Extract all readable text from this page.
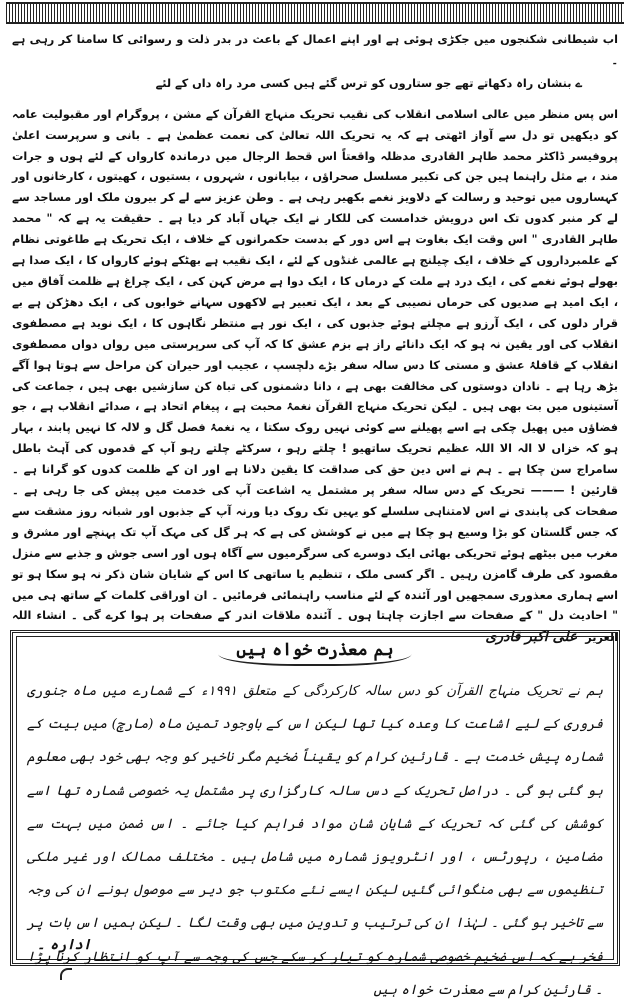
اب شیطانی شکنجوں میں جکڑی ہوئی ہے اور اپنے اعمال کے باعث در بدر ذلت و رسوائی کا سامنا کر رہی ہے ۔

ے بنشان راہ دکھاتے تھے جو ستاروں کو ترس گئے ہیں کسی مرد راہ داں کے لئے

اس پس منظر میں عالی اسلامی انقلاب کی نقیب تحریک منہاج القرآن کے مشن ، پروگرام اور مقبولیت عامہ کو دیکھیں تو دل سے آواز اٹھتی ہے کہ یہ تحریک اللہ تعالیٰ کی نعمت عظمیٰ ہے ۔ بانی و سرپرست اعلیٰ پروفیسر ڈاکٹر محمد طاہر القادری مدظلہ واقعتاً اس قحط الرجال میں درماندہ کارواں کے لئے ہوں و جرات مند ، بے مثل راہنما ہیں جن کی تکبیر مسلسل صحراؤں ، بیابانوں ، شہروں ، بستیوں ، کھیتوں ، کارخانوں اور کہساروں میں توحید و رسالت کے دلاویز نغمے بکھیر رہی ہے ۔ وطن عزیز سے لے کر بیرون ملک اور مساجد سے لے کر منبر کدوں تک اس درویش خدامست کی للکار نے ایک جہاں آباد کر دیا ہے ۔ حقیقت یہ ہے کہ " محمد طاہر القادری " اس وقت ایک بغاوت ہے اس دور کے بدست حکمرانوں کے خلاف ، ایک تحریک ہے طاغوتی نظام کے علمبرداروں کے خلاف ، ایک چیلنج ہے عالمی غنڈوں کے لئے ، ایک نقیب ہے بھٹکے ہوئے کارواں کا ، ایک صدا ہے بھولے ہوئے نغمے کی ، ایک درد ہے ملت کے درماں کا ، ایک دوا ہے مرض کہن کی ، ایک چراغ ہے ظلمت آفاق میں ، ایک امید ہے صدیوں کی حرماں نصیبی کے بعد ، ایک تعبیر ہے لاکھوں سہانے خوابوں کی ، ایک دھڑکن ہے بے قرار دلوں کی ، ایک آرزو ہے مچلتے ہوئے جذبوں کی ، ایک نور ہے منتظر نگاہوں کا ، ایک نوید ہے مصطفوی انقلاب کی اور یقین نہ ہو کہ ایک دانائے راز ہے بزم عشق کا کہ آپ کی سرپرستی میں رواں دواں مصطفوی انقلاب کے قافلۂ عشق و مستی کا دس سالہ سفر بڑے دلچسپ ، عجیب اور حیران کن مراحل سے ہوتا ہوا آگے بڑھ رہا ہے ۔ نادان دوستوں کی مخالفت بھی ہے ، دانا دشمنوں کی تباہ کن سازشیں بھی ہیں ، جماعت کی آستینوں میں بت بھی ہیں ۔ لیکن تحریک منہاج القرآن نغمۂ محبت ہے ، پیغام اتحاد ہے ، صدائے انقلاب ہے ، جو فضاؤں میں پھیل چکی ہے اسے پھیلنے سے کوئی نہیں روک سکتا ، یہ نغمۂ فصل گل و لالہ کا نہیں پابند ، بہار ہو کہ خزاں لا الہ الا اللہ عظیم تحریک ساتھیو ! چلتے رہو ، سرکٹے چلتے رہو آپ کے قدموں کی آہٹ باطل سامراج سن چکا ہے ۔ ہم نے اس دین حق کی صداقت کا یقین دلانا ہے اور ان کے ظلمت کدوں کو گرانا ہے ۔ قارئین ! ——— تحریک کے دس سالہ سفر پر مشتمل یہ اشاعت آپ کی خدمت میں پیش کی جا رہی ہے ۔ صفحات کی پابندی نے اس لامتناہی سلسلے کو یہیں تک روک دیا ورنہ آپ کے جذبوں اور شبانہ روز مشقت سے کہ جس گلستان کو بڑا وسیع ہو چکا ہے میں نے کوشش کی ہے کہ ہر گل کی مہک آپ تک پہنچے اور مشرق و مغرب میں بیٹھے ہوئے تحریکی بھائی ایک دوسرے کی سرگرمیوں سے آگاہ ہوں اور اسی جوش و جذبے سے منزل مقصود کی طرف گامزن رہیں ۔ اگر کسی ملک ، تنظیم یا ساتھی کا اس کے شایان شان ذکر نہ ہو سکا ہو تو اسے ہماری معذوری سمجھیں اور آئندہ کے لئے مناسب راہنمائی فرمائیں ۔ ان اوراقی کلمات کے ساتھ ہی میں " احادیث دل " کے صفحات سے اجازت چاہتا ہوں ۔ آئندہ ملاقات اندر کے صفحات پر ہوا کرے گی ۔ انشاء اللہ العزیزعلی اکبر قادری

ہم معذرت خواہ ہیں
ہم نے تحریک منہاج القرآن کو دس سالہ کارکردگی کے متعلق ۱۹۹۱ء کے شمارے میں ماہ جنوری فروری کے لیے اشاعت کا وعدہ کیا تھا لیکن اس کے باوجود تمین ماہ (مارچ) میں بیت کے شمارہ پیش خدمت ہے ۔ قارئین کرام کو یقیناً ضخیم مگر ناخیر کو وجہ بھی خود بھی معلوم ہو گئی ہو گی ۔ دراصل تحریک کے دس سالہ کارگزاری پر مشتمل یہ خصوصی شمارہ تھا اسے کوشش کی گئی کہ تحریک کے شایان شان مواد فراہم کیا جائے ۔ اس ضمن میں بہت سے مضامین ، رپورٹس ، اور انٹرویوز شمارہ میں شامل ہیں ۔ مختلف ممالک اور غیر ملکی تنظیموں سے بھی منگوائی گئیں لیکن ایسے نئے مکتوب جو دیر سے موصول ہونے ان کی وجہ سے تاخیر ہو گئی ۔ لہٰذا ان کی ترتیب و تدوین میں بھی وقت لگا ۔ لیکن ہمیں اس بات پر فخر ہے کہ اس ضخیم خصوصی شمارہ کو تیار کر سکے جس کی وجہ سے آپ کو انتظار کرنا پڑا ۔ قارئین کرام سے معذرت خواہ ہیں
ادارہ ۔
